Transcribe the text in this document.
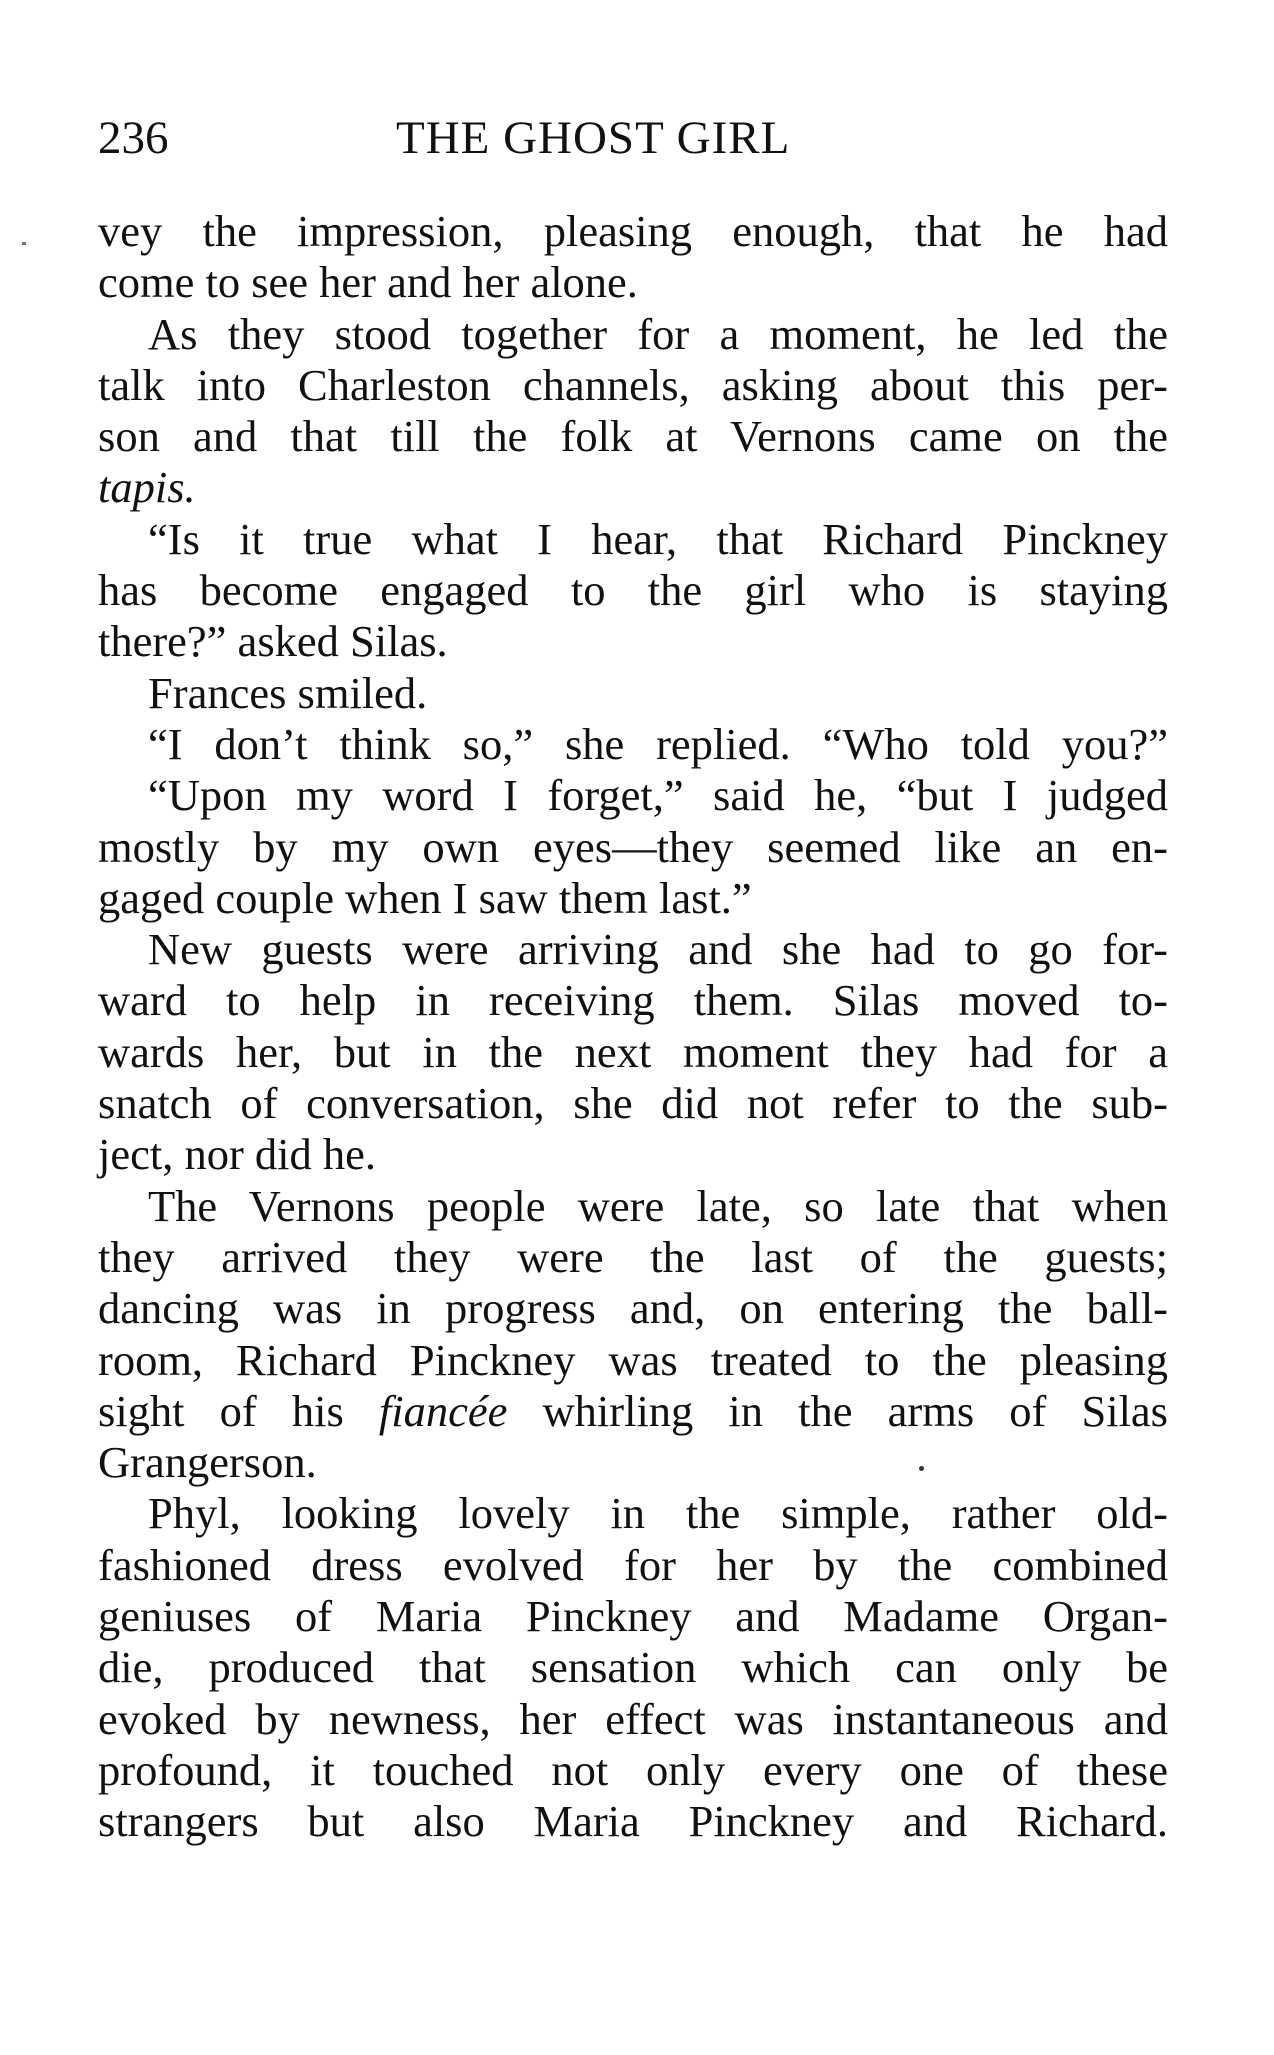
236	THE GHOST GIRL
vey the impression, pleasing enough, that he had
come to see her and her alone.
As they stood together for a moment, he led the
talk into Charleston channels, asking about this per-
son and that till the folk at Vernons came on the
tapis.
“Is it true what I hear, that Richard Pinckney
has become engaged to the girl who is staying
there?” asked Silas.
Frances smiled.
“I don’t think so,” she replied. “Who told you?”
“Upon my word I forget,” said he, “but I judged
mostly by my own eyes—they seemed like an en-
gaged couple when I saw them last.”
New guests were arriving and she had to go for-
ward to help in receiving them. Silas moved to-
wards her, but in the next moment they had for a
snatch of conversation, she did not refer to the sub-
ject, nor did he.
The Vernons people were late, so late that when
they arrived they were the last of the guests;
dancing was in progress and, on entering the ball-
room, Richard Pinckney was treated to the pleasing
sight of his fiancée whirling in the arms of Silas
Grangerson.
Phyl, looking lovely in the simple, rather old-
fashioned dress evolved for her by the combined
geniuses of Maria Pinckney and Madame Organ-
die, produced that sensation which can only be
evoked by newness, her effect was instantaneous and
profound, it touched not only every one of these
strangers but also Maria Pinckney and Richard.
